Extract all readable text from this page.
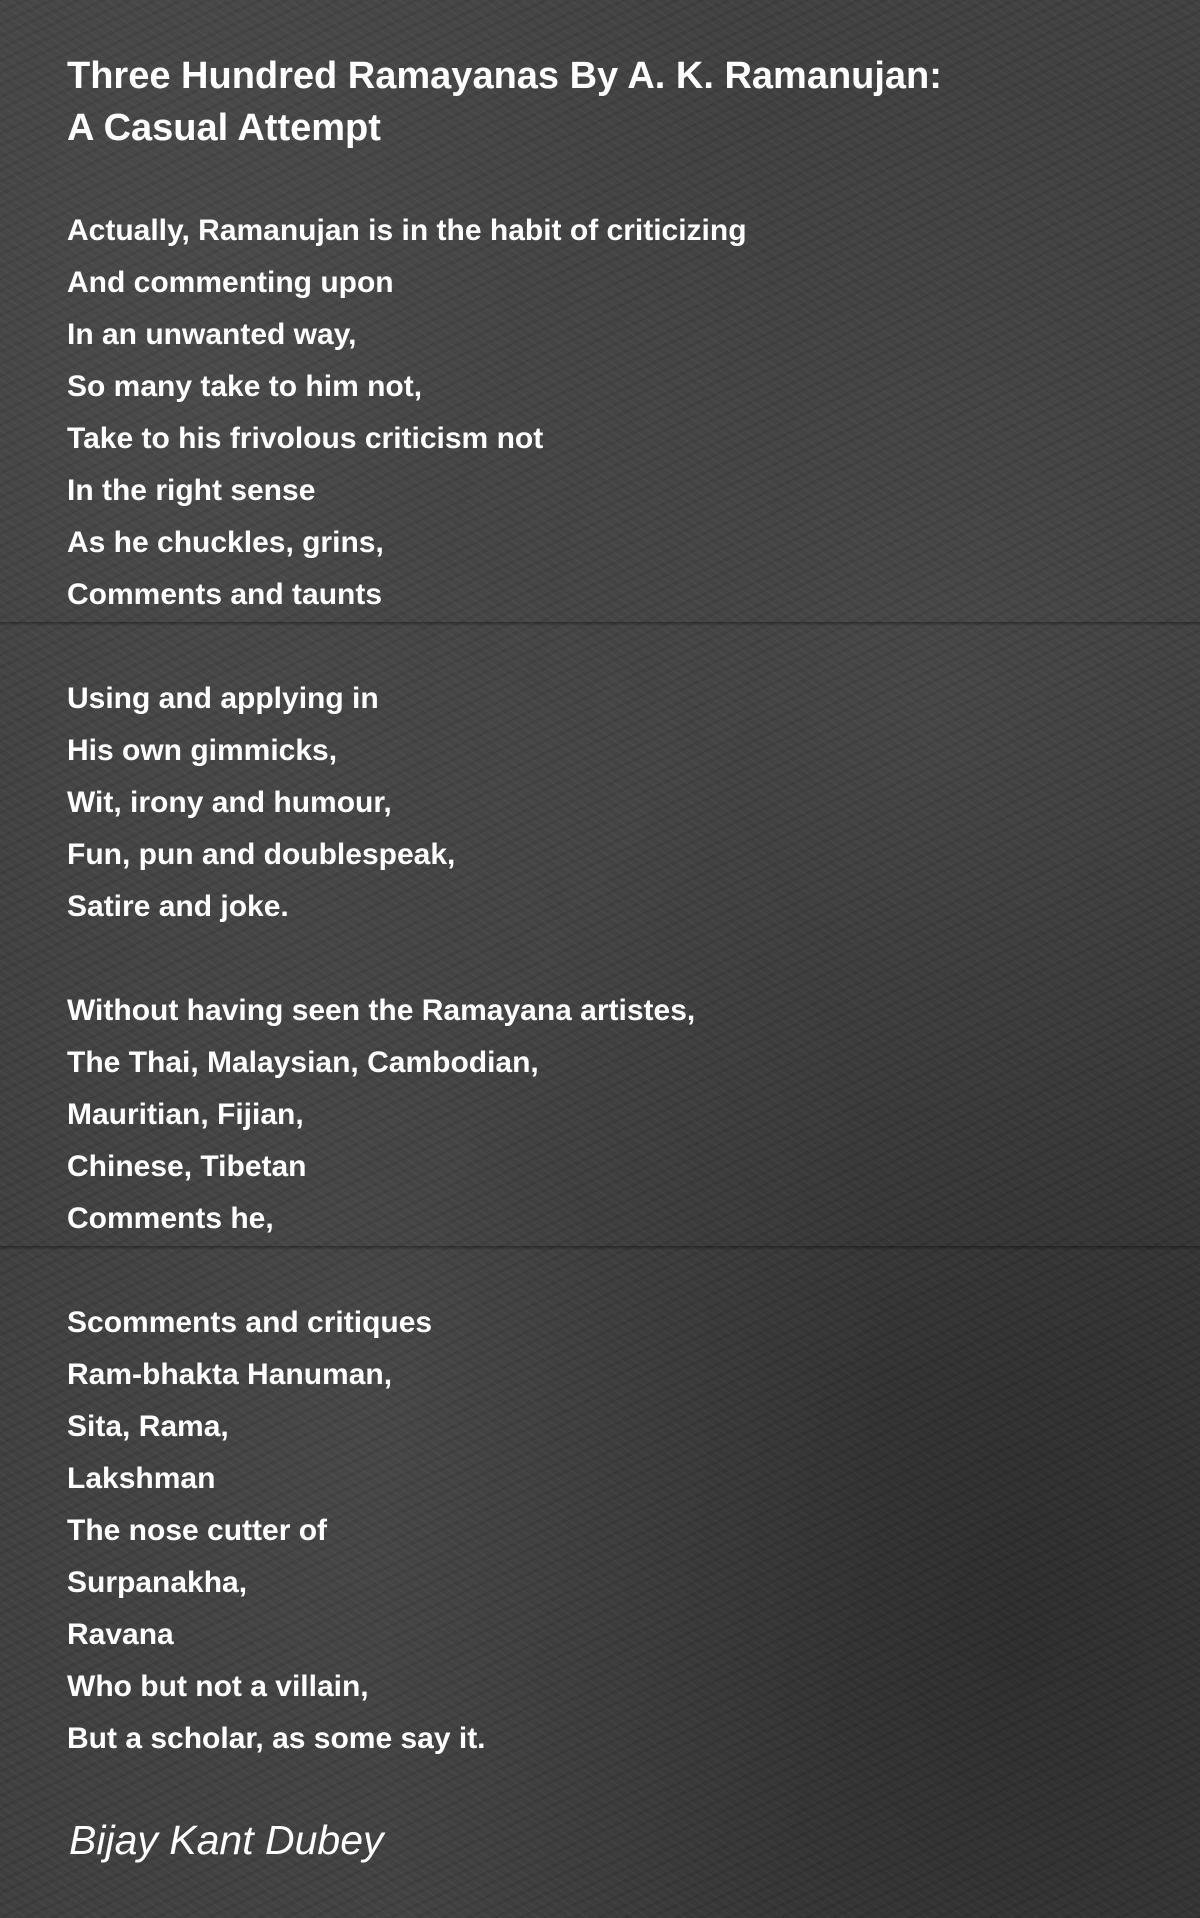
Three Hundred Ramayanas By A. K. Ramanujan:
A Casual Attempt
Actually, Ramanujan is in the habit of criticizing
And commenting upon
In an unwanted way,
So many take to him not,
Take to his frivolous criticism not
In the right sense
As he chuckles, grins,
Comments and taunts
Using and applying in
His own gimmicks,
Wit, irony and humour,
Fun, pun and doublespeak,
Satire and joke.
Without having seen the Ramayana artistes,
The Thai, Malaysian, Cambodian,
Mauritian, Fijian,
Chinese, Tibetan
Comments he,
Scomments and critiques
Ram-bhakta Hanuman,
Sita, Rama,
Lakshman
The nose cutter of
Surpanakha,
Ravana
Who but not a villain,
But a scholar, as some say it.
Bijay Kant Dubey
